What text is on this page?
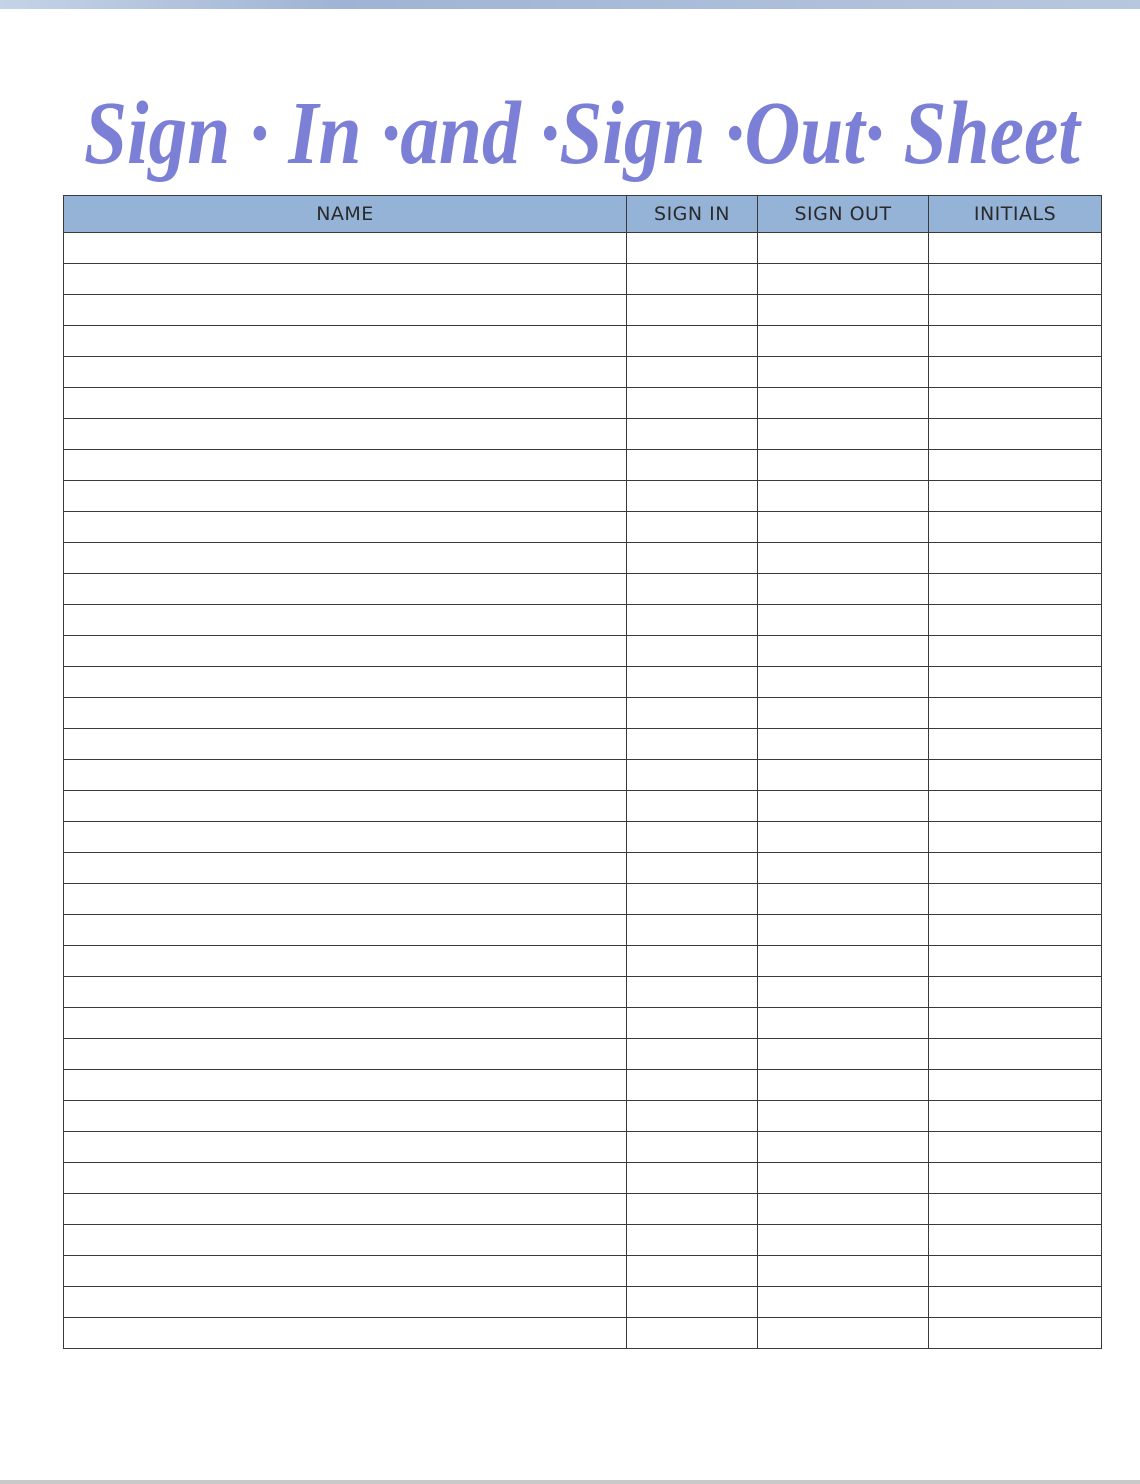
Sign · In ·and ·Sign ·Out· Sheet
NAME	SIGN IN	SIGN OUT	INITIALS
